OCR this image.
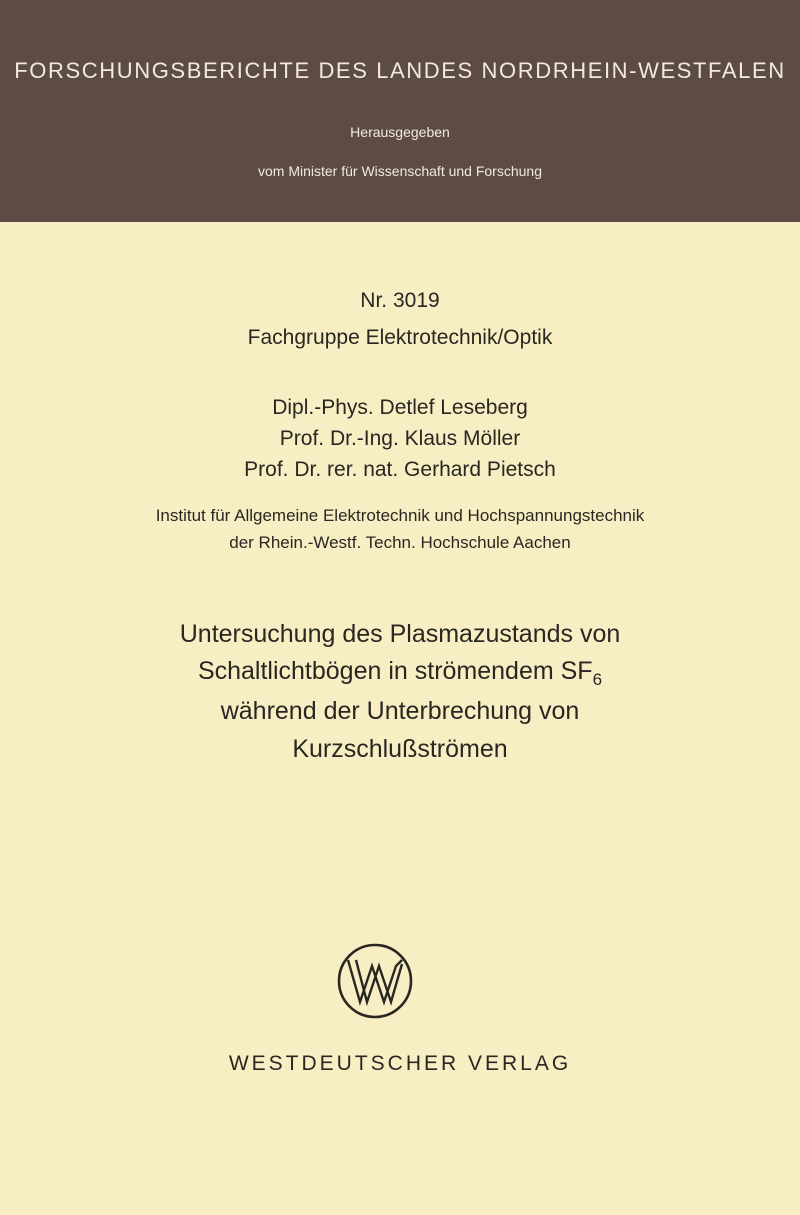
FORSCHUNGSBERICHTE DES LANDES NORDRHEIN-WESTFALEN
Herausgegeben
vom Minister für Wissenschaft und Forschung
Nr. 3019
Fachgruppe Elektrotechnik/Optik
Dipl.-Phys. Detlef Leseberg
Prof. Dr.-Ing. Klaus Möller
Prof. Dr. rer. nat. Gerhard Pietsch
Institut für Allgemeine Elektrotechnik und Hochspannungstechnik
der Rhein.-Westf. Techn. Hochschule Aachen
Untersuchung des Plasmazustands von
Schaltlichtbögen in strömendem $SF_6$
während der Unterbrechung von
Kurzschlußströmen
WESTDEUTSCHER VERLAG
